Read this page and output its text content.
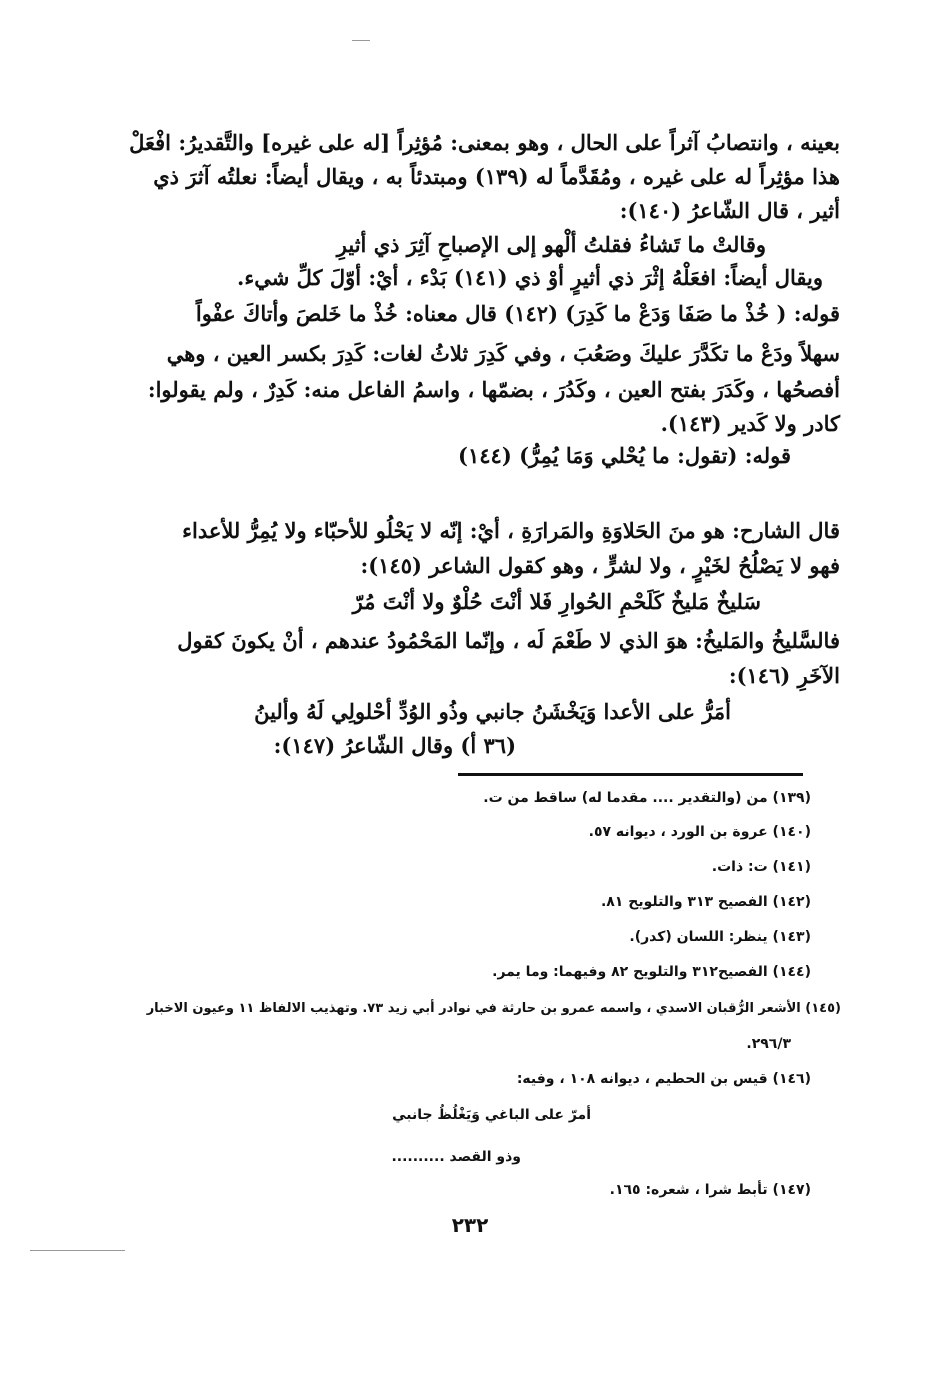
بعينه ، وانتصابُ آثراً على الحال ، وهو بمعنى: مُؤثِراً [له على غيره] والتَّقديرُ: افْعَلْ
هذا مؤثِراً له على غيره ، ومُقَدَّماً له (١٣٩) ومبتدئاً به ، ويقال أيضاً: نعلتُه آثرَ ذي
أثير ، قال الشّاعرُ (١٤٠):
وقالتْ ما تَشاءُ فقلتُ ألْهو إلى الإصباحِ آثِرَ ذي أثيرِ
ويقال أيضاً: افعَلْهُ إثْرَ ذي أثيرٍ أوْ ذي (١٤١) بَدْء ، أيْ: أوّلَ كلِّ شيء.
قوله: ( خُذْ ما صَفَا وَدَعْ ما كَدِرَ) (١٤٢) قال معناه: خُذْ ما خَلصَ وأتاكَ عفْواً
سهلاً ودَعْ ما تكَدَّرَ عليكَ وصَعُبَ ، وفي كَدِرَ ثلاثُ لغات: كَدِرَ بكسر العين ، وهي
أفصحُها ، وكَدَرَ بفتح العين ، وكَدُرَ ، بضمّها ، واسمُ الفاعل منه: كَدِرٌ ، ولم يقولوا:
كادر ولا كَدير (١٤٣).
قوله: (تقول: ما يُحْلي وَمَا يُمِرُّ) (١٤٤)
قال الشارح: هو منَ الحَلاوَةِ والمَرارَةِ ، أيْ: إنّه لا يَحْلُو للأحبّاء ولا يُمِرُّ للأعداء
فهو لا يَصْلُحُ لخَيْرٍ ، ولا لشرٍّ ، وهو كقول الشاعر (١٤٥):
سَليخٌ مَليخٌ كَلَحْمِ الحُوارِ فَلا أنْتَ حُلْوٌ ولا أنْتَ مُرّ
فالسَّليخُ والمَليخُ: هوَ الذي لا طَعْمَ لَه ، وإنّما المَحْمُودُ عندهم ، أنْ يكونَ كقول
الآخَرِ (١٤٦):
أمَرُّ على الأعدا وَيَخْشَنُ جانبي وذُو الوُدِّ أحْلولِي لَهُ وألينُ
(٣٦ أ) وقال الشّاعرُ (١٤٧):
(١٣٩) من (والتقدير .... مقدما له) ساقط من ت.
(١٤٠) عروة بن الورد ، ديوانه ٥٧.
(١٤١) ت: ذات.
(١٤٢) الفصيح ٣١٣ والتلويح ٨١.
(١٤٣) ينظر: اللسان (كدر).
(١٤٤) الفصيح٣١٢ والتلويح ٨٢ وفيهما: وما يمر.
(١٤٥) الأشعر الرُّقبان الاسدي ، واسمه عمرو بن حارثة في نوادر أبي زيد ٧٣. وتهذيب الالفاظ ١١ وعيون الاخبار
٢٩٦/٣.
(١٤٦) قيس بن الحطيم ، ديوانه ١٠٨ ، وفيه:
أمرّ على الباغي وَيَغْلُظُ جانبي
وذو القصد ..........
(١٤٧) تأبط شرا ، شعره: ١٦٥.
٢٣٢
